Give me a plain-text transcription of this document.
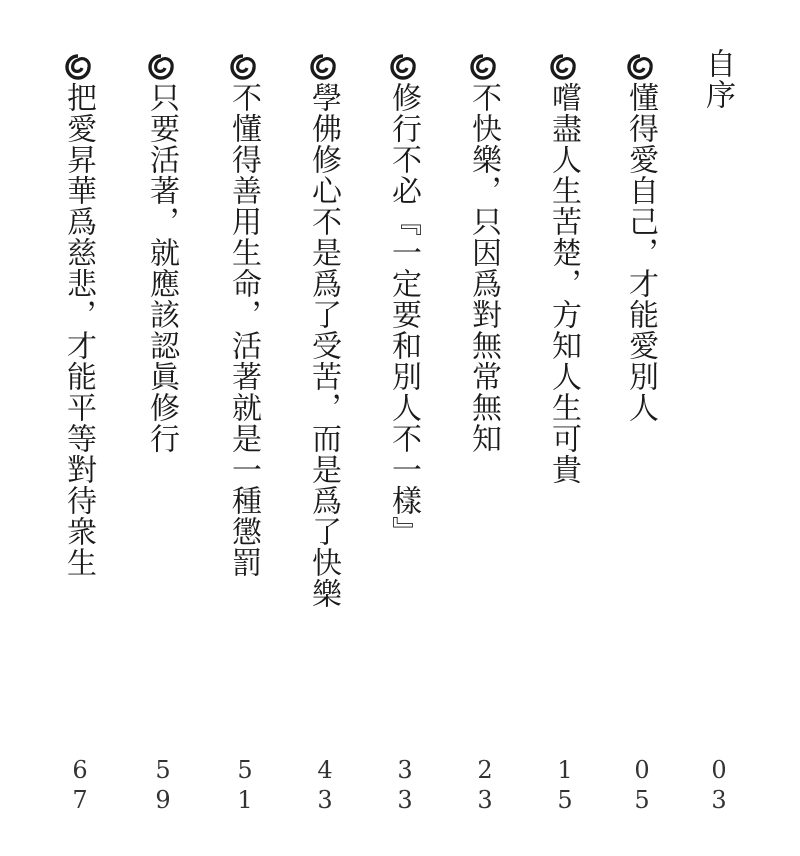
自序
03
懂得愛自己，才能愛別人
05
嚐盡人生苦楚，方知人生可貴
15
不快樂，只因爲對無常無知
23
修行不必『一定要和別人不一樣』
33
學佛修心不是爲了受苦，而是爲了快樂
43
不懂得善用生命，活著就是一種懲罰
51
只要活著，就應該認眞修行
59
把愛昇華爲慈悲，才能平等對待衆生
67
